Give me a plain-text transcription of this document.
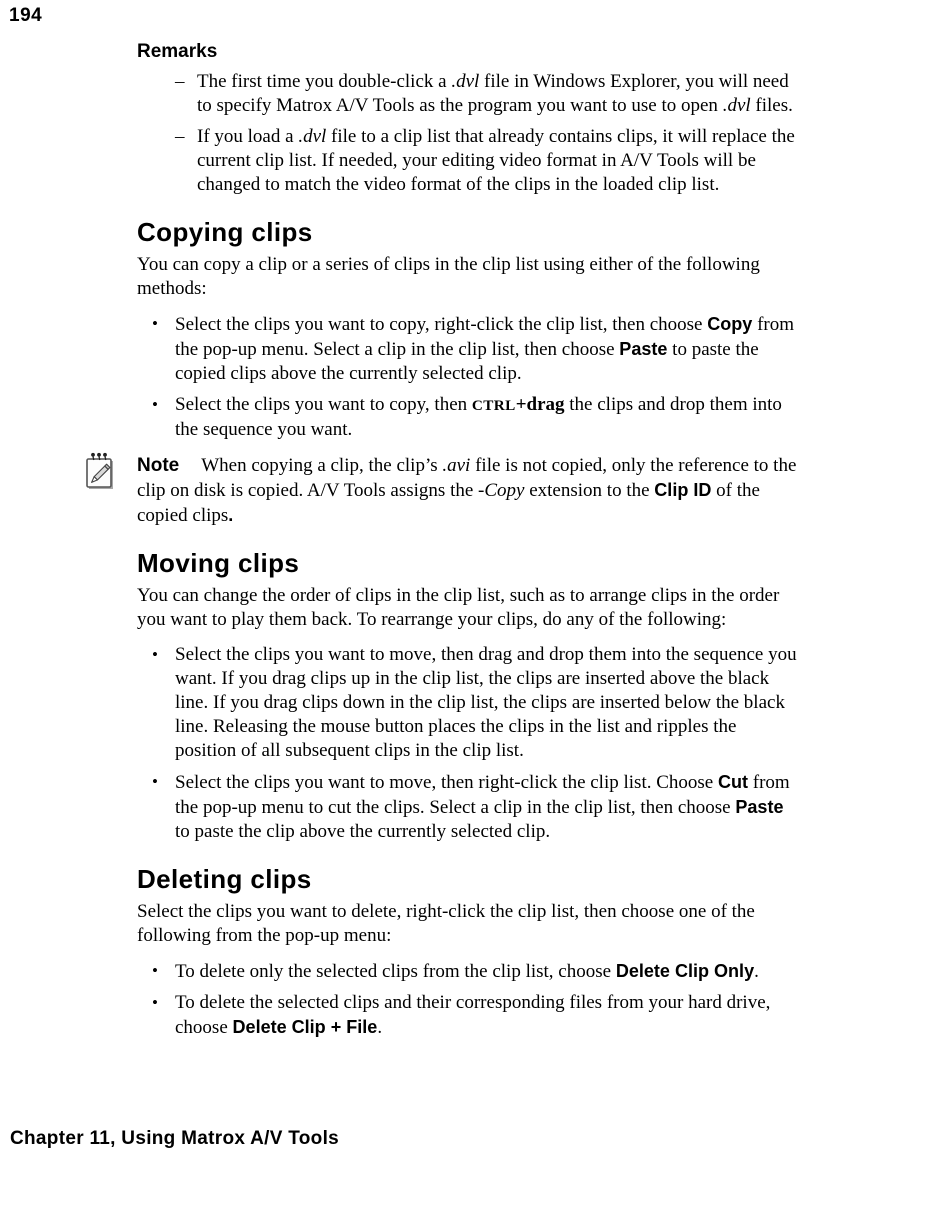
194
Remarks
– The first time you double-click a .dvl file in Windows Explorer, you will need to specify Matrox A/V Tools as the program you want to use to open .dvl files.
– If you load a .dvl file to a clip list that already contains clips, it will replace the current clip list. If needed, your editing video format in A/V Tools will be changed to match the video format of the clips in the loaded clip list.
Copying clips

You can copy a clip or a series of clips in the clip list using either of the following methods:

• Select the clips you want to copy, right-click the clip list, then choose Copy from the pop-up menu. Select a clip in the clip list, then choose Paste to paste the copied clips above the currently selected clip.
• Select the clips you want to copy, then CTRL+drag the clips and drop them into the sequence you want.

Note When copying a clip, the clip’s .avi file is not copied, only the reference to the clip on disk is copied. A/V Tools assigns the -Copy extension to the Clip ID of the copied clips.

Moving clips

You can change the order of clips in the clip list, such as to arrange clips in the order you want to play them back. To rearrange your clips, do any of the following:

• Select the clips you want to move, then drag and drop them into the sequence you want. If you drag clips up in the clip list, the clips are inserted above the black line. If you drag clips down in the clip list, the clips are inserted below the black line. Releasing the mouse button places the clips in the list and ripples the position of all subsequent clips in the clip list.
• Select the clips you want to move, then right-click the clip list. Choose Cut from the pop-up menu to cut the clips. Select a clip in the clip list, then choose Paste to paste the clip above the currently selected clip.
Deleting clips

Select the clips you want to delete, right-click the clip list, then choose one of the following from the pop-up menu:

• To delete only the selected clips from the clip list, choose Delete Clip Only.
• To delete the selected clips and their corresponding files from your hard drive, choose Delete Clip + File.
Chapter 11, Using Matrox A/V Tools
